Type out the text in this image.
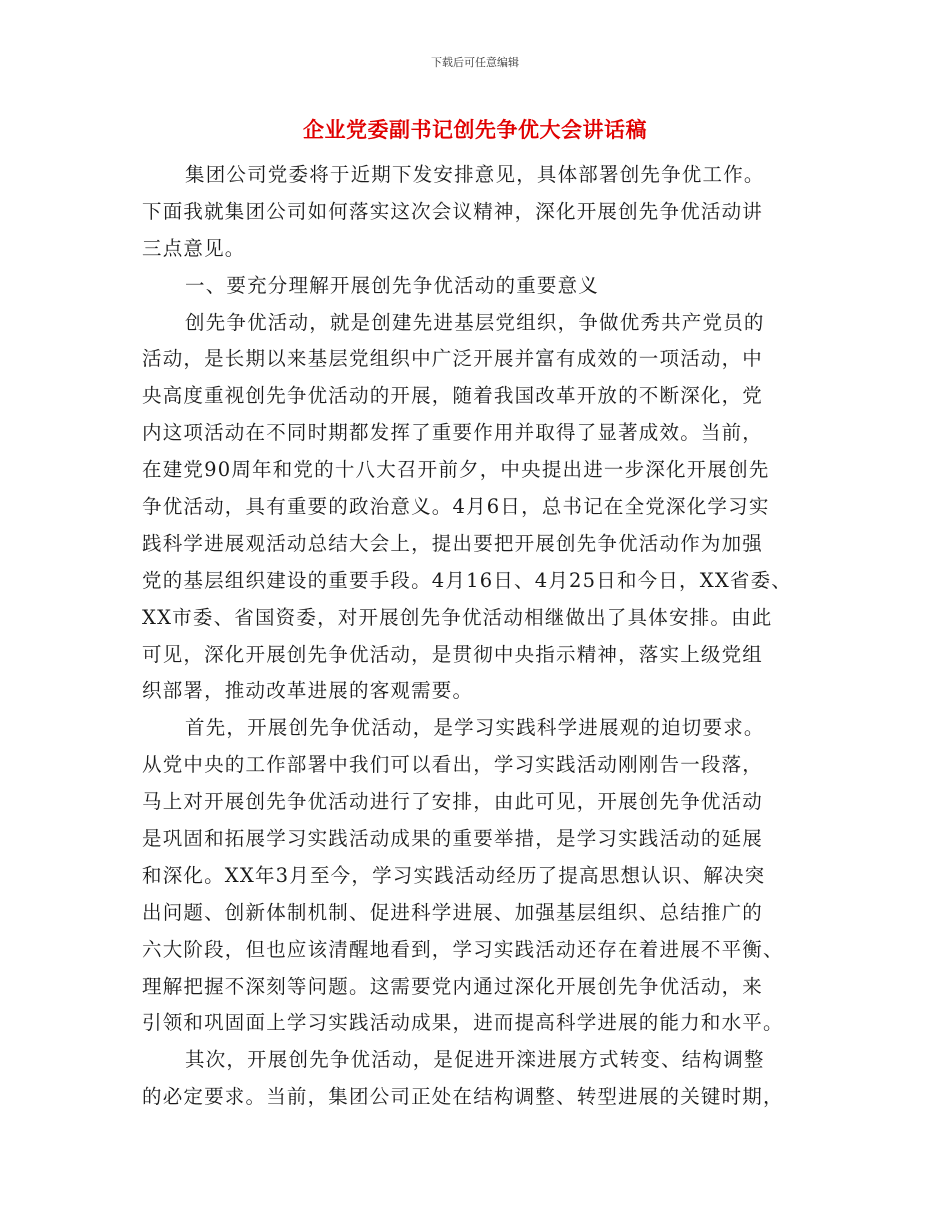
下载后可任意编辑
企业党委副书记创先争优大会讲话稿
集团公司党委将于近期下发安排意见，具体部署创先争优工作。
下面我就集团公司如何落实这次会议精神，深化开展创先争优活动讲
三点意见。
一、要充分理解开展创先争优活动的重要意义
创先争优活动，就是创建先进基层党组织，争做优秀共产党员的
活动，是长期以来基层党组织中广泛开展并富有成效的一项活动，中
央高度重视创先争优活动的开展，随着我国改革开放的不断深化，党
内这项活动在不同时期都发挥了重要作用并取得了显著成效。当前，
在建党90周年和党的十八大召开前夕，中央提出进一步深化开展创先
争优活动，具有重要的政治意义。4月6日，总书记在全党深化学习实
践科学进展观活动总结大会上，提出要把开展创先争优活动作为加强
党的基层组织建设的重要手段。4月16日、4月25日和今日，XX省委、
XX市委、省国资委，对开展创先争优活动相继做出了具体安排。由此
可见，深化开展创先争优活动，是贯彻中央指示精神，落实上级党组
织部署，推动改革进展的客观需要。
首先，开展创先争优活动，是学习实践科学进展观的迫切要求。
从党中央的工作部署中我们可以看出，学习实践活动刚刚告一段落，
马上对开展创先争优活动进行了安排，由此可见，开展创先争优活动
是巩固和拓展学习实践活动成果的重要举措，是学习实践活动的延展
和深化。XX年3月至今，学习实践活动经历了提高思想认识、解决突
出问题、创新体制机制、促进科学进展、加强基层组织、总结推广的
六大阶段，但也应该清醒地看到，学习实践活动还存在着进展不平衡、
理解把握不深刻等问题。这需要党内通过深化开展创先争优活动，来
引领和巩固面上学习实践活动成果，进而提高科学进展的能力和水平。
其次，开展创先争优活动，是促进开滦进展方式转变、结构调整
的必定要求。当前，集团公司正处在结构调整、转型进展的关键时期，
